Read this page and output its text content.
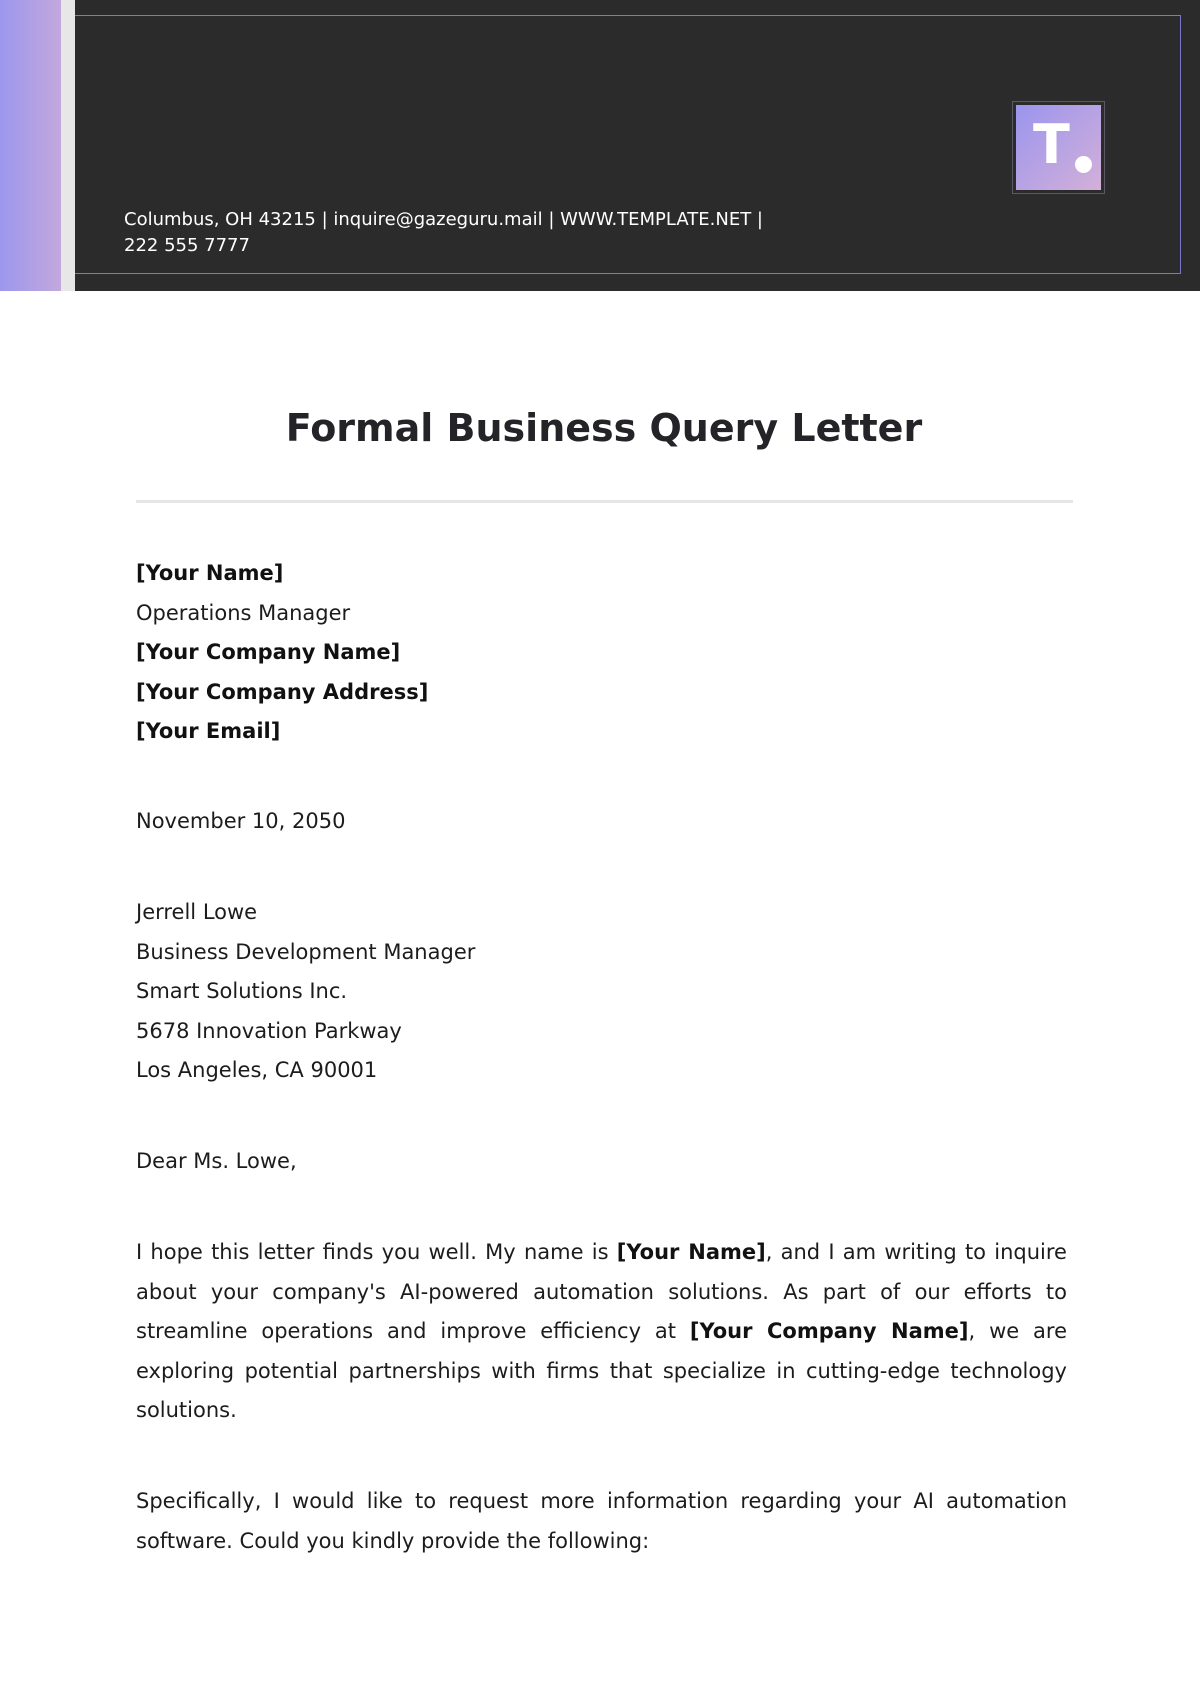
T
Columbus, OH 43215 | inquire@gazeguru.mail | WWW.TEMPLATE.NET |
222 555 7777
Formal Business Query Letter
[Your Name]
Operations Manager
[Your Company Name]
[Your Company Address]
[Your Email]
November 10, 2050
Jerrell Lowe
Business Development Manager
Smart Solutions Inc.
5678 Innovation Parkway
Los Angeles, CA 90001
Dear Ms. Lowe,

I hope this letter finds you well. My name is [Your Name], and I am writing to inquire about your company's AI-powered automation solutions. As part of our efforts to streamline operations and improve efficiency at [Your Company Name], we are exploring potential partnerships with firms that specialize in cutting-edge technology solutions.

Specifically, I would like to request more information regarding your AI automation software. Could you kindly provide the following:
